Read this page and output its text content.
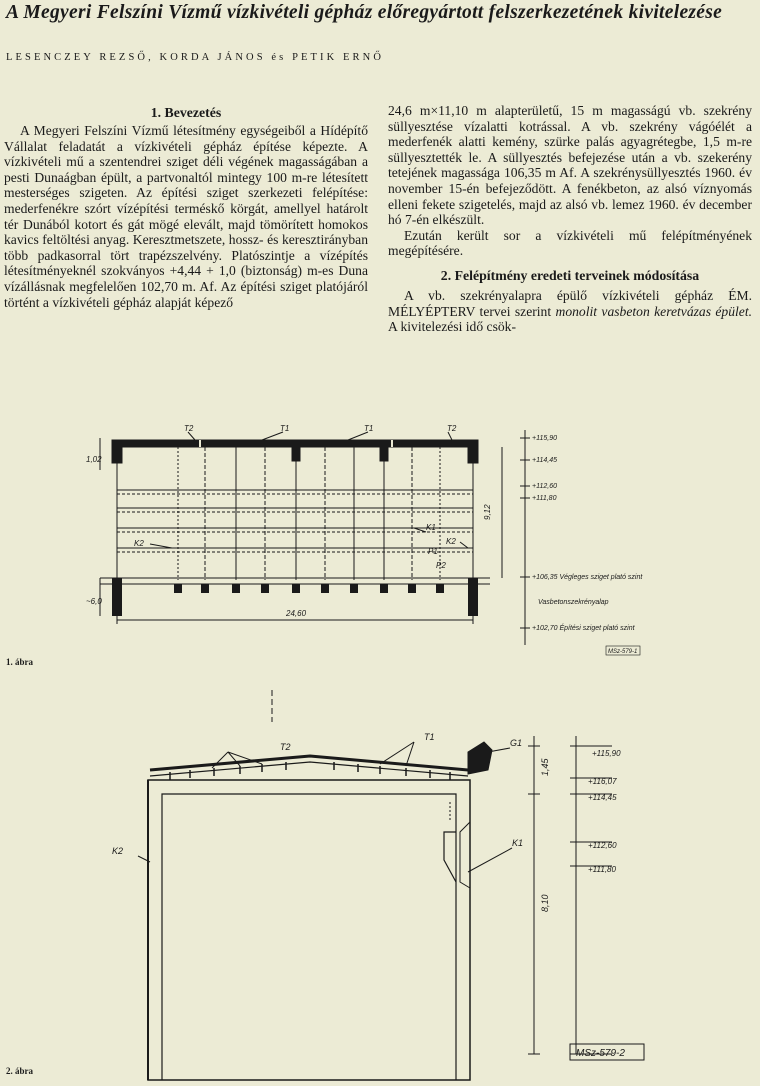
A Megyeri Felszíni Vízmű vízkivételi gépház előregyártott felszerkezetének kivitelezése
LESENCZEY REZSŐ, KORDA JÁNOS és PETIK ERNŐ
1. Bevezetés

A Megyeri Felszíni Vízmű létesítmény egységeiből a Hídépítő Vállalat feladatát a vízkivételi gépház építése képezte. A vízkivételi mű a szentendrei sziget déli végének magasságában a pesti Dunaágban épült, a partvonaltól mintegy 100 m-re létesített mesterséges szigeten. Az építési sziget szerkezeti felépítése: mederfenékre szórt vízépítési terméskő körgát, amellyel határolt tér Dunából kotort és gát mögé elevált, majd tömörített homokos kavics feltöltési anyag. Keresztmetszete, hossz- és keresztirányban több padkasorral tört trapézszelvény. Platószintje a vízépítés létesítményeknél szokványos +4,44 + 1,0 (biztonság) m-es Duna vízállásnak megfelelően 102,70 m. Af. Az építési sziget platójáról történt a vízkivételi gépház alapját képező

24,6 m×11,10 m alapterületű, 15 m magasságú vb. szekrény süllyesztése vízalatti kotrással. A vb. szekrény vágóélét a mederfenék alatti kemény, szürke palás agyagrétegbe, 1,5 m-re süllyesztették le. A süllyesztés befejezése után a vb. szekerény tetejének magassága 106,35 m Af. A szekrénysüllyesztés 1960. év november 15-én befejeződött. A fenékbeton, az alsó víznyomás elleni fekete szigetelés, majd az alsó vb. lemez 1960. év december hó 7-én elkészült.

Ezután került sor a vízkivételi mű felépítményének megépítésére.

2. Felépítmény eredeti terveinek módosítása

A vb. szekrényalapra épülő vízkivételi gépház ÉM. MÉLYÉPTERV tervei szerint monolit vasbeton keretvázas épület. A kivitelezési idő csök-

T2	T1	T1	T2
K1
K2
K2
P1
P2
1,02
~6,0
24,60
9,12
+115,90
+114,45
+112,60
+111,80
+106,35 Végleges sziget plató szint
Vasbetonszekrényalap
+102,70 Építési sziget plató szint
MSz-579-1
1. ábra
T2
T1
G1
K1
K2
+115,90
+116,07
+114,45
+112,60
+111,80
1,45
8,10
MSz-579-2
2. ábra
